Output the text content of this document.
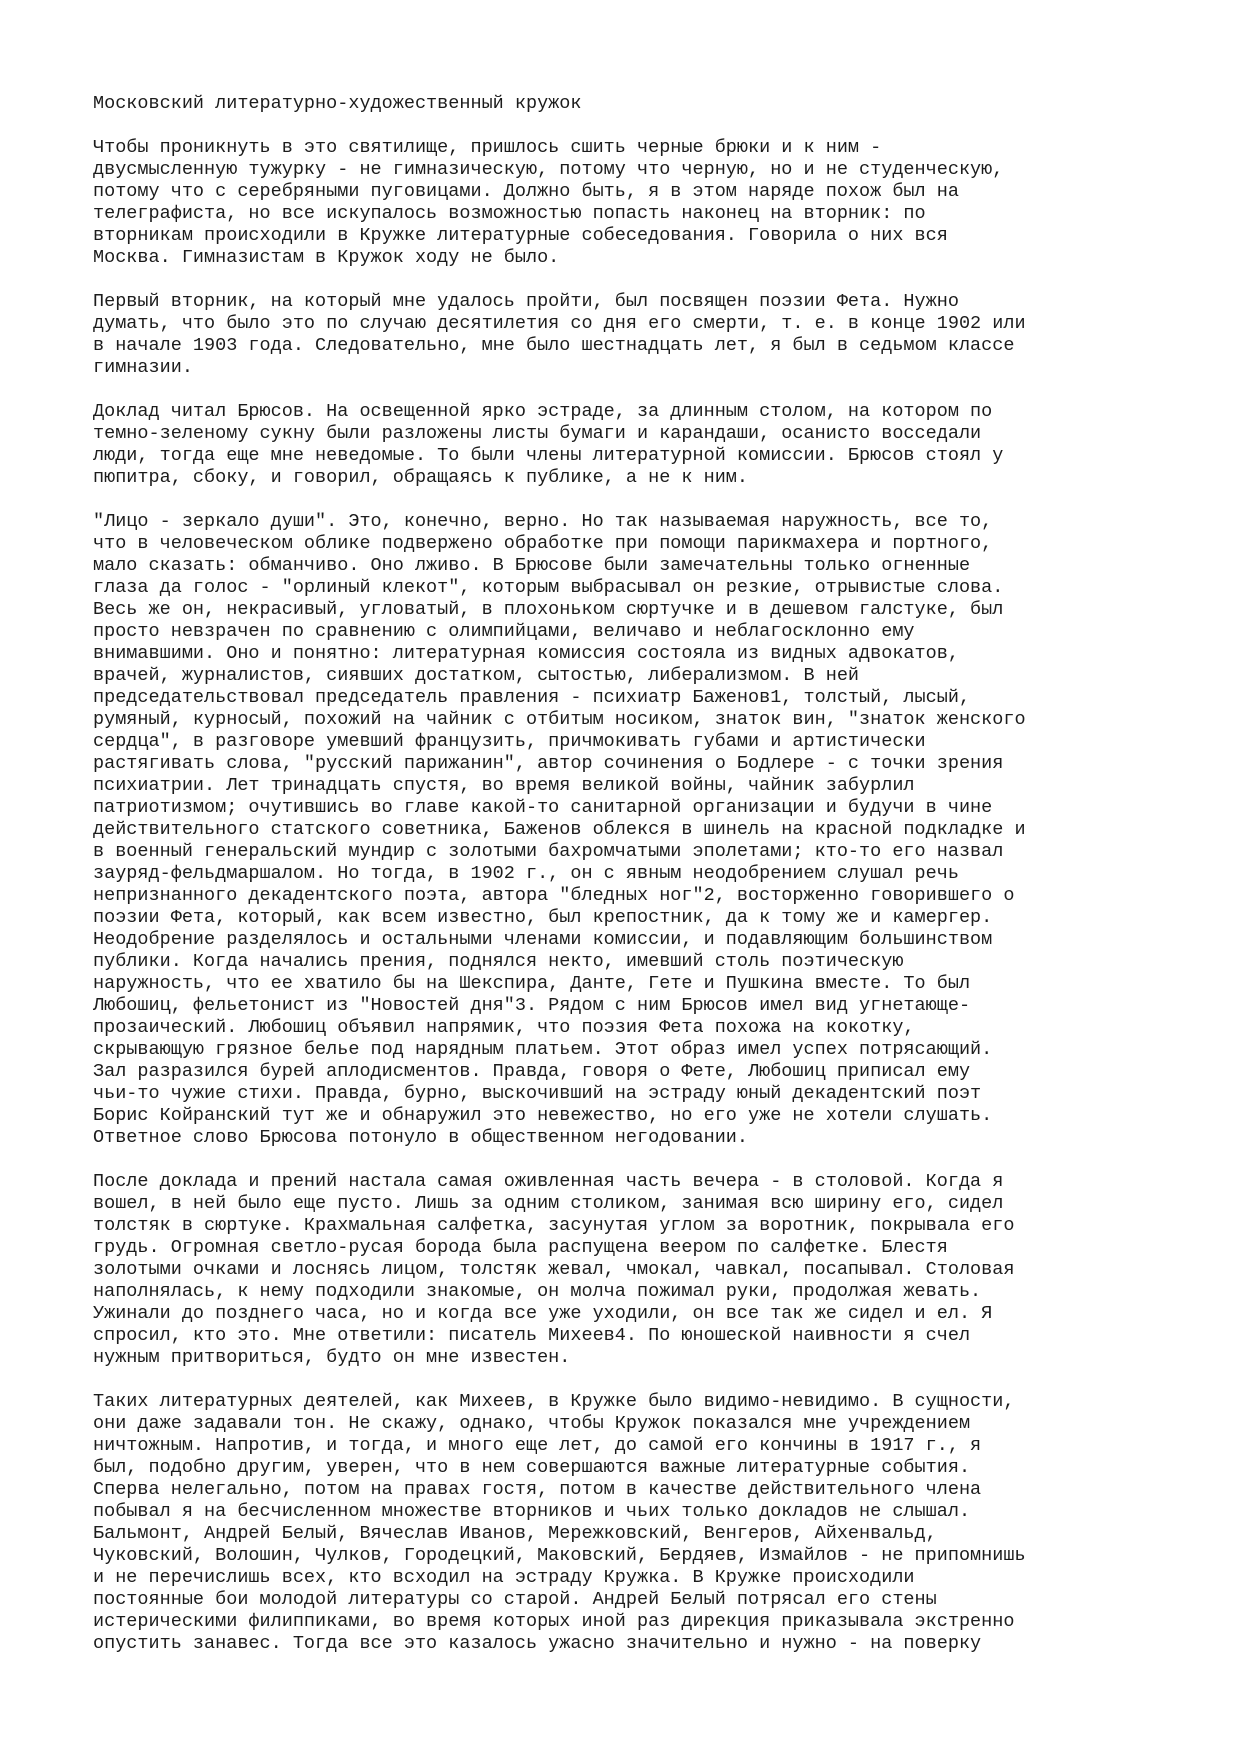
Московский литературно-художественный кружок
Чтобы проникнуть в это святилище, пришлось сшить черные брюки и к ним -
двусмысленную тужурку - не гимназическую, потому что черную, но и не студенческую,
потому что с серебряными пуговицами. Должно быть, я в этом наряде похож был на
телеграфиста, но все искупалось возможностью попасть наконец на вторник: по
вторникам происходили в Кружке литературные собеседования. Говорила о них вся
Москва. Гимназистам в Кружок ходу не было.
Первый вторник, на который мне удалось пройти, был посвящен поэзии Фета. Нужно
думать, что было это по случаю десятилетия со дня его смерти, т. е. в конце 1902 или
в начале 1903 года. Следовательно, мне было шестнадцать лет, я был в седьмом классе
гимназии.
Доклад читал Брюсов. На освещенной ярко эстраде, за длинным столом, на котором по
темно-зеленому сукну были разложены листы бумаги и карандаши, осанисто восседали
люди, тогда еще мне неведомые. То были члены литературной комиссии. Брюсов стоял у
пюпитра, сбоку, и говорил, обращаясь к публике, а не к ним.
"Лицо - зеркало души". Это, конечно, верно. Но так называемая наружность, все то,
что в человеческом облике подвержено обработке при помощи парикмахера и портного,
мало сказать: обманчиво. Оно лживо. В Брюсове были замечательны только огненные
глаза да голос - "орлиный клекот", которым выбрасывал он резкие, отрывистые слова.
Весь же он, некрасивый, угловатый, в плохоньком сюртучке и в дешевом галстуке, был
просто невзрачен по сравнению с олимпийцами, величаво и неблагосклонно ему
внимавшими. Оно и понятно: литературная комиссия состояла из видных адвокатов,
врачей, журналистов, сиявших достатком, сытостью, либерализмом. В ней
председательствовал председатель правления - психиатр Баженов1, толстый, лысый,
румяный, курносый, похожий на чайник с отбитым носиком, знаток вин, "знаток женского
сердца", в разговоре умевший французить, причмокивать губами и артистически
растягивать слова, "русский парижанин", автор сочинения о Бодлере - с точки зрения
психиатрии. Лет тринадцать спустя, во время великой войны, чайник забурлил
патриотизмом; очутившись во главе какой-то санитарной организации и будучи в чине
действительного статского советника, Баженов облекся в шинель на красной подкладке и
в военный генеральский мундир с золотыми бахромчатыми эполетами; кто-то его назвал
зауряд-фельдмаршалом. Но тогда, в 1902 г., он с явным неодобрением слушал речь
непризнанного декадентского поэта, автора "бледных ног"2, восторженно говорившего о
поэзии Фета, который, как всем известно, был крепостник, да к тому же и камергер.
Неодобрение разделялось и остальными членами комиссии, и подавляющим большинством
публики. Когда начались прения, поднялся некто, имевший столь поэтическую
наружность, что ее хватило бы на Шекспира, Данте, Гете и Пушкина вместе. То был
Любошиц, фельетонист из "Новостей дня"3. Рядом с ним Брюсов имел вид угнетающе-
прозаический. Любошиц объявил напрямик, что поэзия Фета похожа на кокотку,
скрывающую грязное белье под нарядным платьем. Этот образ имел успех потрясающий.
Зал разразился бурей аплодисментов. Правда, говоря о Фете, Любошиц приписал ему
чьи-то чужие стихи. Правда, бурно, выскочивший на эстраду юный декадентский поэт
Борис Койранский тут же и обнаружил это невежество, но его уже не хотели слушать.
Ответное слово Брюсова потонуло в общественном негодовании.
После доклада и прений настала самая оживленная часть вечера - в столовой. Когда я
вошел, в ней было еще пусто. Лишь за одним столиком, занимая всю ширину его, сидел
толстяк в сюртуке. Крахмальная салфетка, засунутая углом за воротник, покрывала его
грудь. Огромная светло-русая борода была распущена веером по салфетке. Блестя
золотыми очками и лоснясь лицом, толстяк жевал, чмокал, чавкал, посапывал. Столовая
наполнялась, к нему подходили знакомые, он молча пожимал руки, продолжая жевать.
Ужинали до позднего часа, но и когда все уже уходили, он все так же сидел и ел. Я
спросил, кто это. Мне ответили: писатель Михеев4. По юношеской наивности я счел
нужным притвориться, будто он мне известен.
Таких литературных деятелей, как Михеев, в Кружке было видимо-невидимо. В сущности,
они даже задавали тон. Не скажу, однако, чтобы Кружок показался мне учреждением
ничтожным. Напротив, и тогда, и много еще лет, до самой его кончины в 1917 г., я
был, подобно другим, уверен, что в нем совершаются важные литературные события.
Сперва нелегально, потом на правах гостя, потом в качестве действительного члена
побывал я на бесчисленном множестве вторников и чьих только докладов не слышал.
Бальмонт, Андрей Белый, Вячеслав Иванов, Мережковский, Венгеров, Айхенвальд,
Чуковский, Волошин, Чулков, Городецкий, Маковский, Бердяев, Измайлов - не припомнишь
и не перечислишь всех, кто всходил на эстраду Кружка. В Кружке происходили
постоянные бои молодой литературы со старой. Андрей Белый потрясал его стены
истерическими филиппиками, во время которых иной раз дирекция приказывала экстренно
опустить занавес. Тогда все это казалось ужасно значительно и нужно - на поверку
